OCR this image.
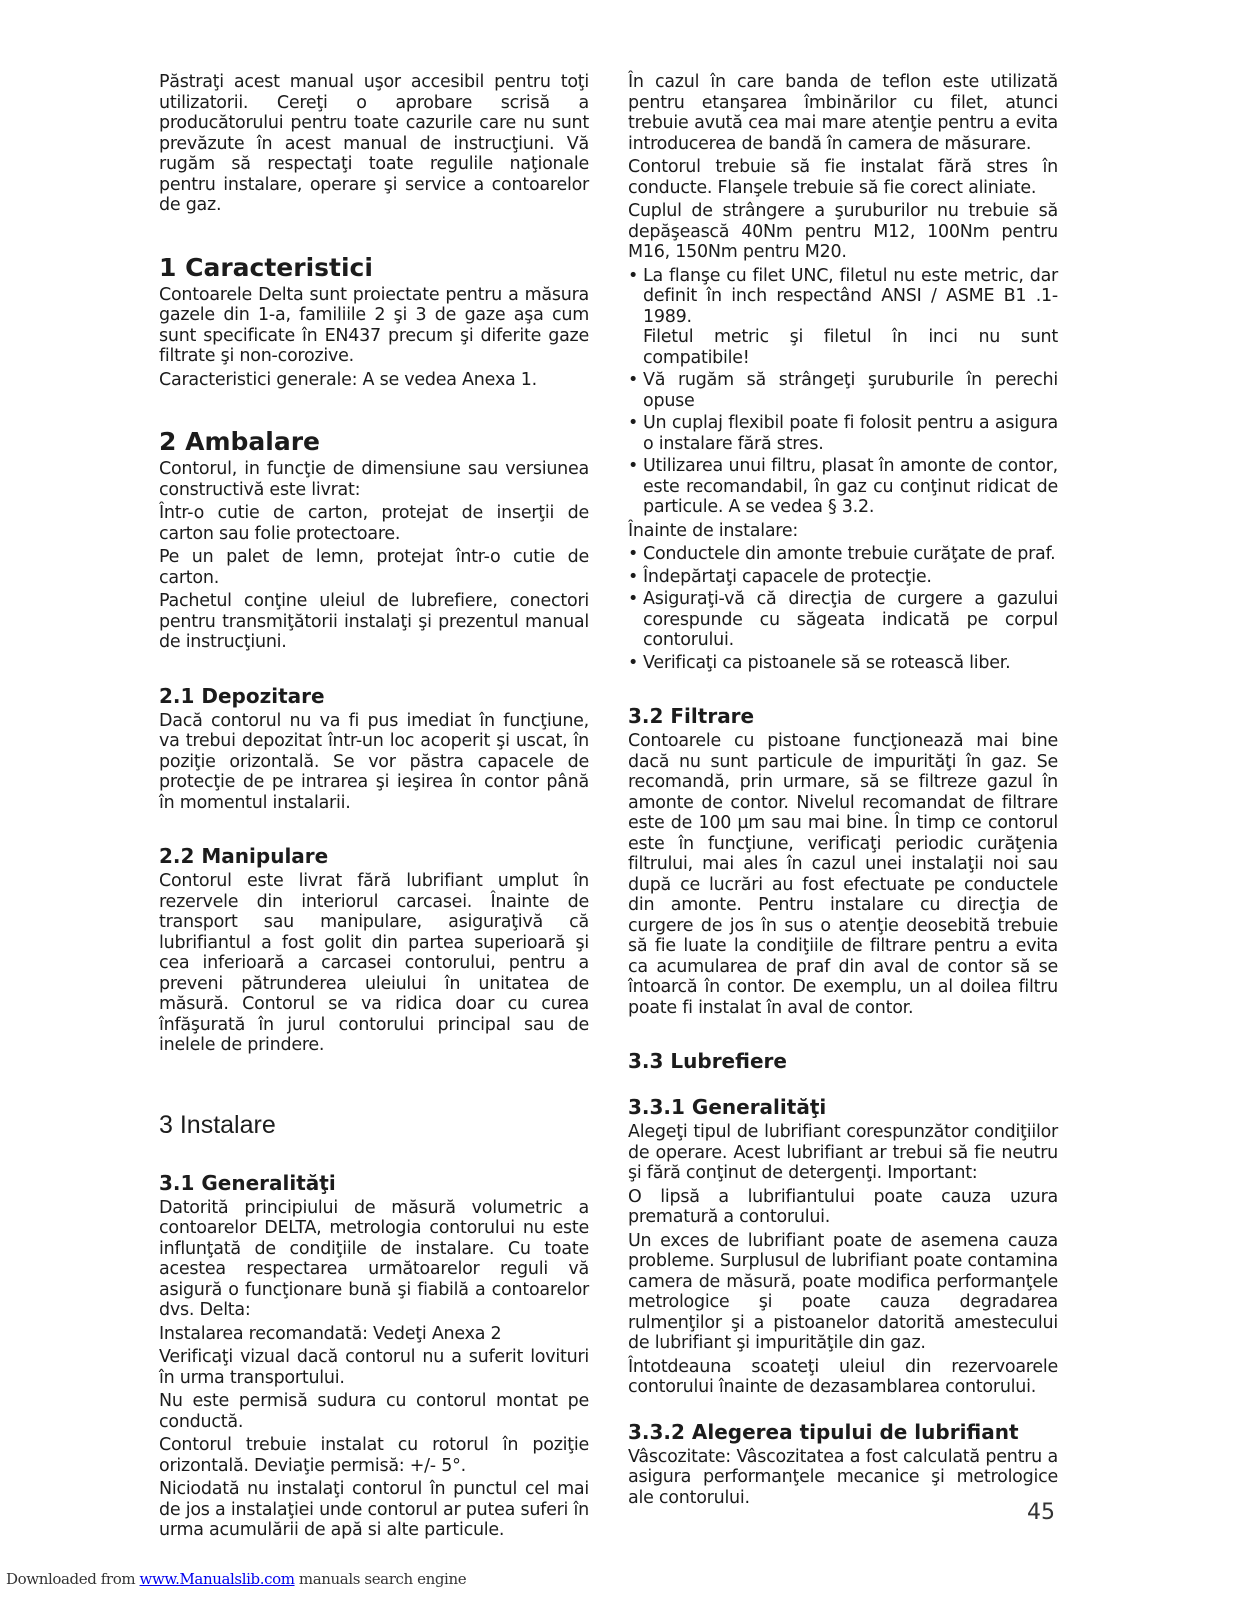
Păstraţi acest manual uşor accesibil pentru toţi utilizatorii. Cereţi o aprobare scrisă a producătorului pentru toate cazurile care nu sunt prevăzute în acest manual de instrucţiuni. Vă rugăm să respectaţi toate regulile naţionale pentru instalare, operare şi service a contoarelor de gaz.

1 Caracteristici

Contoarele Delta sunt proiectate pentru a măsura gazele din 1-a, familiile 2 şi 3 de gaze aşa cum sunt specificate în EN437 precum şi diferite gaze filtrate şi non-corozive.

Caracteristici generale: A se vedea Anexa 1.

2 Ambalare

Contorul, in funcţie de dimensiune sau versiunea constructivă este livrat:

Într-o cutie de carton, protejat de inserţii de carton sau folie protectoare.

Pe un palet de lemn, protejat într-o cutie de carton.

Pachetul conţine uleiul de lubrefiere, conectori pentru transmiţătorii instalaţi şi prezentul manual de instrucţiuni.

2.1 Depozitare

Dacă contorul nu va fi pus imediat în funcţiune, va trebui depozitat într-un loc acoperit şi uscat, în poziţie orizontală. Se vor păstra capacele de protecţie de pe intrarea şi ieşirea în contor până în momentul instalarii.

2.2 Manipulare

Contorul este livrat fără lubrifiant umplut în rezervele din interiorul carcasei. Înainte de transport sau manipulare, asiguraţivă că lubrifiantul a fost golit din partea superioară şi cea inferioară a carcasei contorului, pentru a preveni pătrunderea uleiului în unitatea de măsură. Contorul se va ridica doar cu curea înfăşurată în jurul contorului principal sau de inelele de prindere.

3 Instalare
3.1 Generalităţi

Datorită principiului de măsură volumetric a contoarelor DELTA, metrologia contorului nu este influnţată de condiţiile de instalare. Cu toate acestea respectarea următoarelor reguli vă asigură o funcţionare bună şi fiabilă a contoarelor dvs. Delta:

Instalarea recomandată: Vedeţi Anexa 2

Verificaţi vizual dacă contorul nu a suferit lovituri în urma transportului.

Nu este permisă sudura cu contorul montat pe conductă.

Contorul trebuie instalat cu rotorul în poziţie orizontală. Deviaţie permisă: +/- 5°.

Niciodată nu instalaţi contorul în punctul cel mai de jos a instalaţiei unde contorul ar putea suferi în urma acumulării de apă si alte particule.

În cazul în care banda de teflon este utilizată pentru etanşarea îmbinărilor cu filet, atunci trebuie avută cea mai mare atenţie pentru a evita introducerea de bandă în camera de măsurare.

Contorul trebuie să fie instalat fără stres în conducte. Flanşele trebuie să fie corect aliniate.

Cuplul de strângere a şuruburilor nu trebuie să depăşească 40Nm pentru M12, 100Nm pentru M16, 150Nm pentru M20.

• La flanşe cu filet UNC, filetul nu este metric, dar definit în inch respectând ANSI / ASME B1 .1-1989.
Filetul metric şi filetul în inci nu sunt compatibile!
• Vă rugăm să strângeţi şuruburile în perechi opuse
• Un cuplaj flexibil poate fi folosit pentru a asigura o instalare fără stres.
• Utilizarea unui filtru, plasat în amonte de contor, este recomandabil, în gaz cu conţinut ridicat de particule. A se vedea § 3.2.

Înainte de instalare:

• Conductele din amonte trebuie curăţate de praf.
• Îndepărtaţi capacele de protecţie.
• Asiguraţi-vă că direcţia de curgere a gazului corespunde cu săgeata indicată pe corpul contorului.
• Verificaţi ca pistoanele să se rotească liber.
3.2 Filtrare

Contoarele cu pistoane funcţionează mai bine dacă nu sunt particule de impurităţi în gaz. Se recomandă, prin urmare, să se filtreze gazul în amonte de contor. Nivelul recomandat de filtrare este de 100 µm sau mai bine. În timp ce contorul este în funcţiune, verificaţi periodic curăţenia filtrului, mai ales în cazul unei instalaţii noi sau după ce lucrări au fost efectuate pe conductele din amonte. Pentru instalare cu direcţia de curgere de jos în sus o atenţie deosebită trebuie să fie luate la condiţiile de filtrare pentru a evita ca acumularea de praf din aval de contor să se întoarcă în contor. De exemplu, un al doilea filtru poate fi instalat în aval de contor.

3.3 Lubrefiere
3.3.1 Generalităţi

Alegeţi tipul de lubrifiant corespunzător condiţiilor de operare. Acest lubrifiant ar trebui să fie neutru şi fără conţinut de detergenţi. Important:

O lipsă a lubrifiantului poate cauza uzura prematură a contorului.

Un exces de lubrifiant poate de asemena cauza probleme. Surplusul de lubrifiant poate contamina camera de măsură, poate modifica performanţele metrologice şi poate cauza degradarea rulmenţilor şi a pistoanelor datorită amestecului de lubrifiant şi impurităţile din gaz.

Întotdeauna scoateţi uleiul din rezervoarele contorului înainte de dezasamblarea contorului.

3.3.2 Alegerea tipului de lubrifiant

Vâscozitate: Vâscozitatea a fost calculată pentru a asigura performanţele mecanice şi metrologice ale contorului.

45
Downloaded from www.Manualslib.com manuals search engine
